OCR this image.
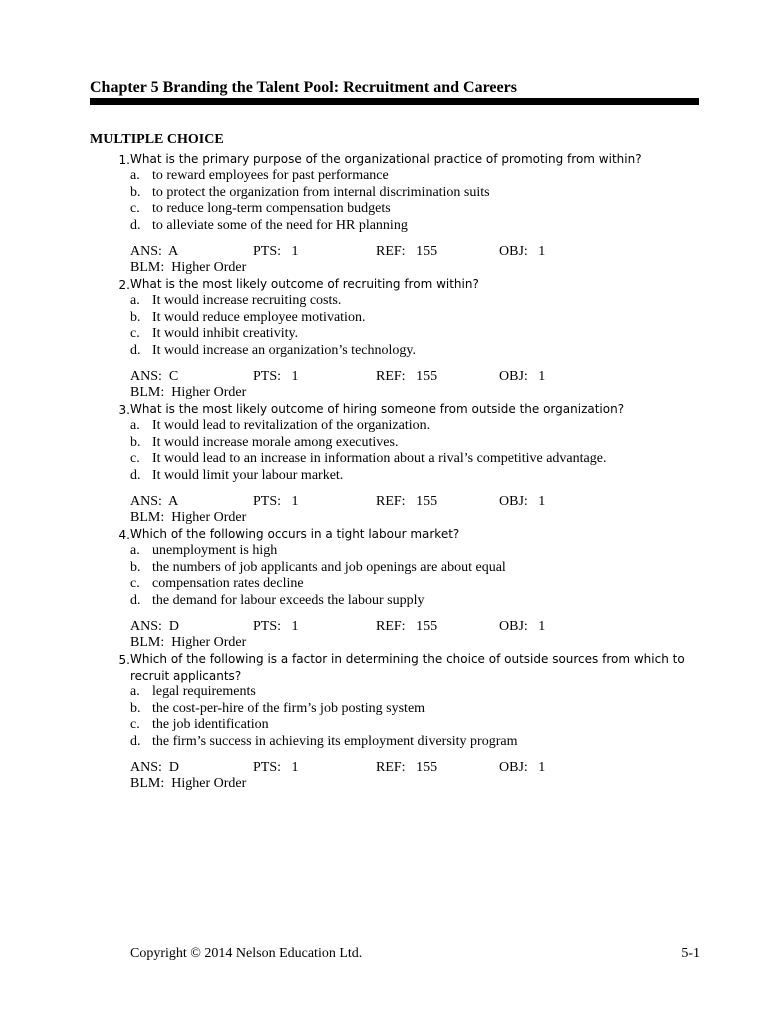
Chapter 5 Branding the Talent Pool: Recruitment and Careers
MULTIPLE CHOICE
1. What is the primary purpose of the organizational practice of promoting from within?
a. to reward employees for past performance
b. to protect the organization from internal discrimination suits
c. to reduce long-term compensation budgets
d. to alleviate some of the need for HR planning
ANS:  A	PTS:   1	REF:   155	OBJ:   1
BLM:  Higher Order
2. What is the most likely outcome of recruiting from within?
a. It would increase recruiting costs.
b. It would reduce employee motivation.
c. It would inhibit creativity.
d. It would increase an organization’s technology.
ANS:  C	PTS:   1	REF:   155	OBJ:   1
BLM:  Higher Order
3. What is the most likely outcome of hiring someone from outside the organization?
a. It would lead to revitalization of the organization.
b. It would increase morale among executives.
c. It would lead to an increase in information about a rival’s competitive advantage.
d. It would limit your labour market.
ANS:  A	PTS:   1	REF:   155	OBJ:   1
BLM:  Higher Order
4. Which of the following occurs in a tight labour market?
a. unemployment is high
b. the numbers of job applicants and job openings are about equal
c. compensation rates decline
d. the demand for labour exceeds the labour supply
ANS:  D	PTS:   1	REF:   155	OBJ:   1
BLM:  Higher Order
5. Which of the following is a factor in determining the choice of outside sources from which to recruit applicants?
a. legal requirements
b. the cost-per-hire of the firm’s job posting system
c. the job identification
d. the firm’s success in achieving its employment diversity program
ANS:  D	PTS:   1	REF:   155	OBJ:   1
BLM:  Higher Order
Copyright © 2014 Nelson Education Ltd.	5-1
